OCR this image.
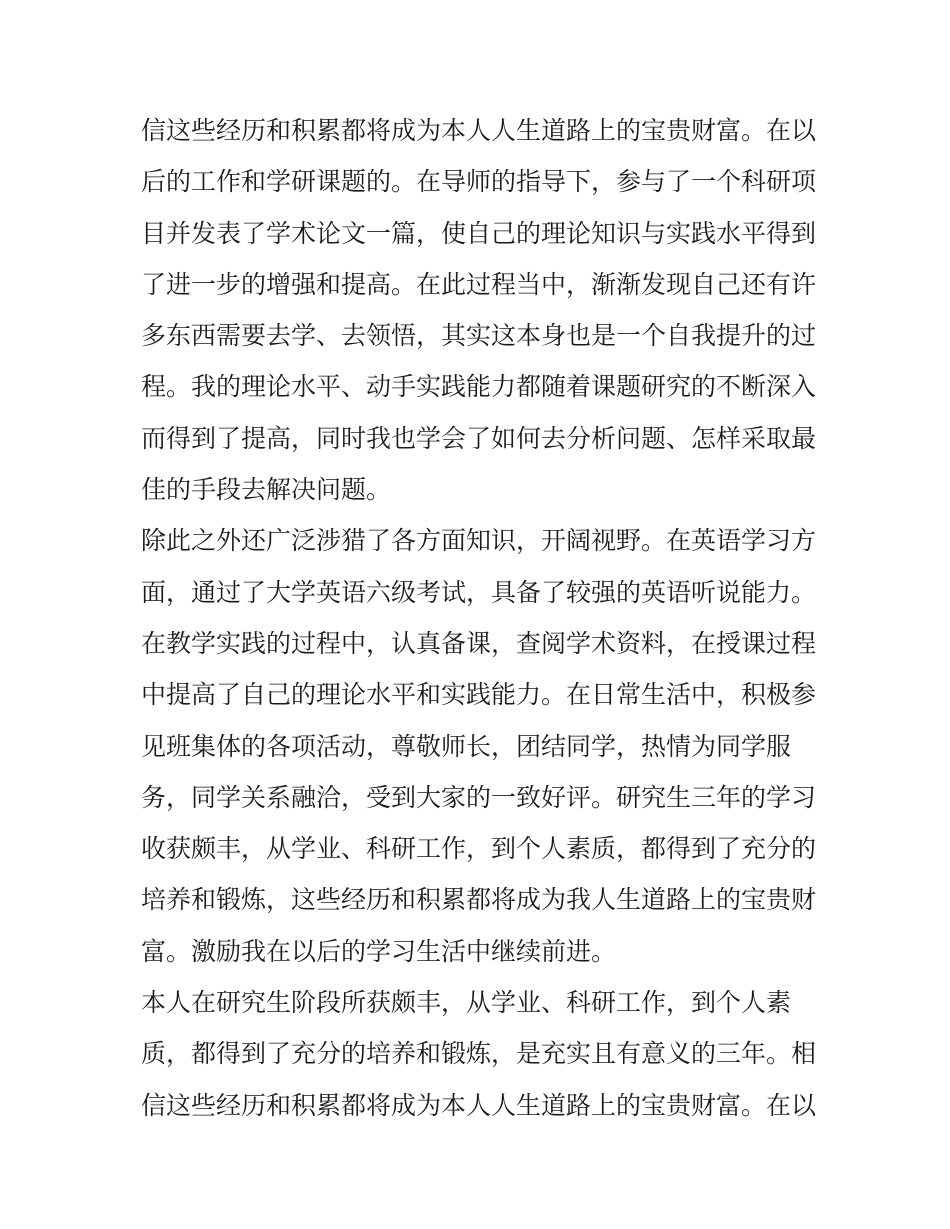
信这些经历和积累都将成为本人人生道路上的宝贵财富。在以
后的工作和学研课题的。在导师的指导下，参与了一个科研项
目并发表了学术论文一篇，使自己的理论知识与实践水平得到
了进一步的增强和提高。在此过程当中，渐渐发现自己还有许
多东西需要去学、去领悟，其实这本身也是一个自我提升的过
程。我的理论水平、动手实践能力都随着课题研究的不断深入
而得到了提高，同时我也学会了如何去分析问题、怎样采取最
佳的手段去解决问题。
除此之外还广泛涉猎了各方面知识，开阔视野。在英语学习方
面，通过了大学英语六级考试，具备了较强的英语听说能力。
在教学实践的过程中，认真备课，查阅学术资料，在授课过程
中提高了自己的理论水平和实践能力。在日常生活中，积极参
见班集体的各项活动，尊敬师长，团结同学，热情为同学服
务，同学关系融洽，受到大家的一致好评。研究生三年的学习
收获颇丰，从学业、科研工作，到个人素质，都得到了充分的
培养和锻炼，这些经历和积累都将成为我人生道路上的宝贵财
富。激励我在以后的学习生活中继续前进。
本人在研究生阶段所获颇丰，从学业、科研工作，到个人素
质，都得到了充分的培养和锻炼，是充实且有意义的三年。相
信这些经历和积累都将成为本人人生道路上的宝贵财富。在以
